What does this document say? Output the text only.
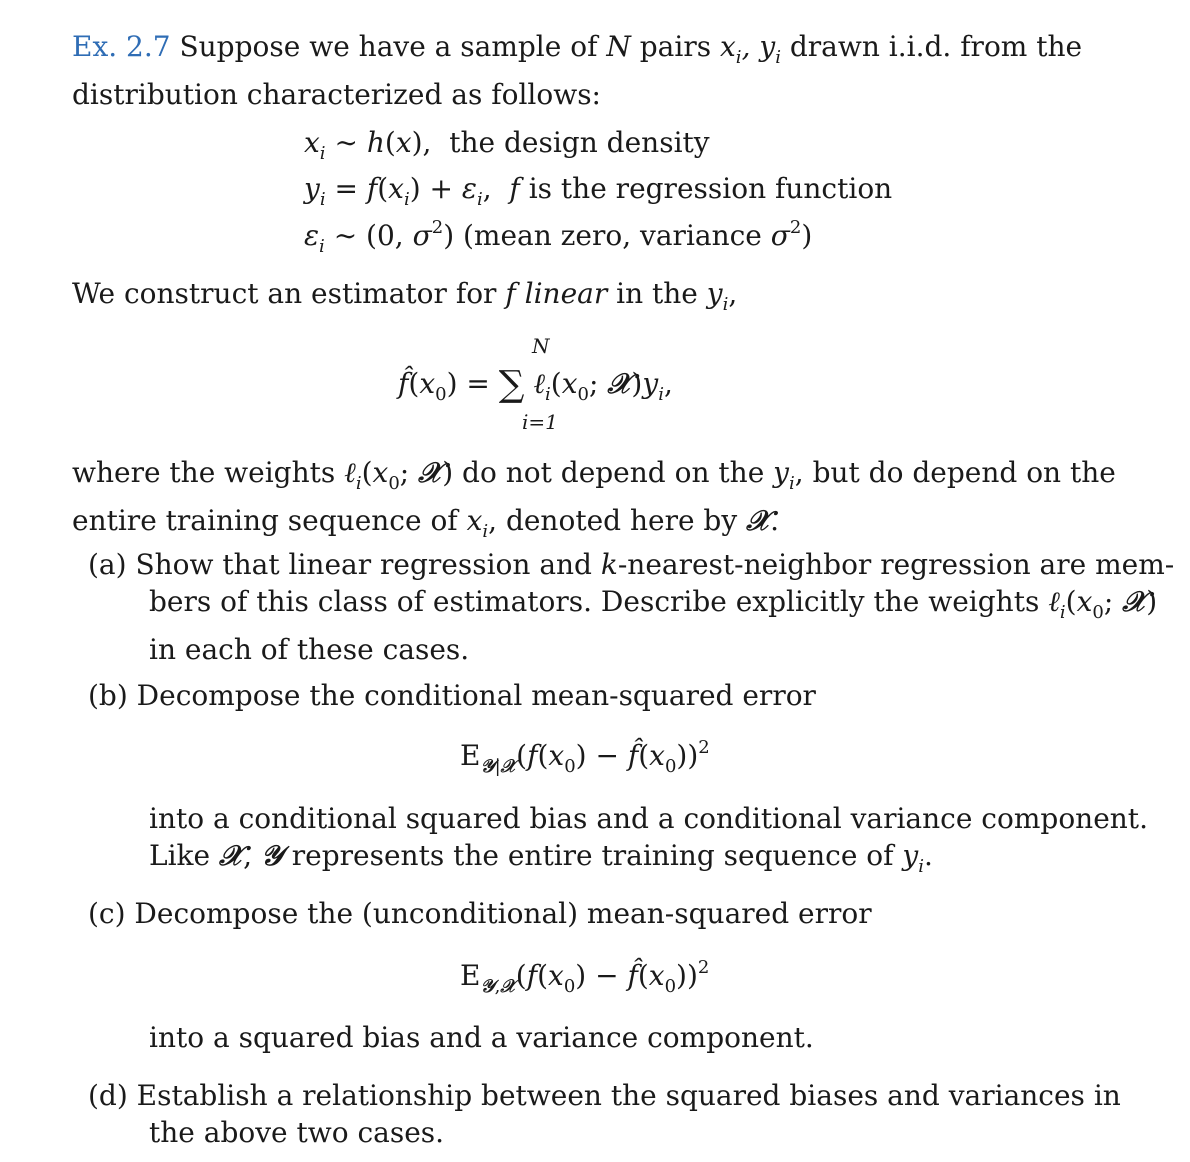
Ex. 2.7 Suppose we have a sample of N pairs $x_i$, $y_i$ drawn i.i.d. from the
distribution characterized as follows:
$x_i$ ∼ h(x),  the design density
$y_i = f(x_i) + \varepsilon_i$,  f is the regression function
$\varepsilon_i$ ∼ (0, $\sigma^2$) (mean zero, variance $\sigma^2$)
We construct an estimator for f linear in the $y_i$,
N
$f̂(x_0)$ = ∑ $\ell_i(x_0$; $𝒳)y_i$,
i=1
where the weights $\ell_i(x_0$; 𝒳) do not depend on the $y_i$, but do depend on the
entire training sequence of $x_i$, denoted here by 𝒳.
(a) Show that linear regression and k-nearest-neighbor regression are mem-
bers of this class of estimators. Describe explicitly the weights $\ell_i(x_0$; 𝒳)
in each of these cases.
(b) Decompose the conditional mean-squared error
$E_{𝒴|𝒳}(f(x_0)$ − $f̂(x_0))^2$
into a conditional squared bias and a conditional variance component.
Like 𝒳, 𝒴 represents the entire training sequence of $y_i$.
(c) Decompose the (unconditional) mean-squared error
$E_{𝒴,𝒳}(f(x_0)$ − $f̂(x_0))^2$
into a squared bias and a variance component.
(d) Establish a relationship between the squared biases and variances in
the above two cases.
